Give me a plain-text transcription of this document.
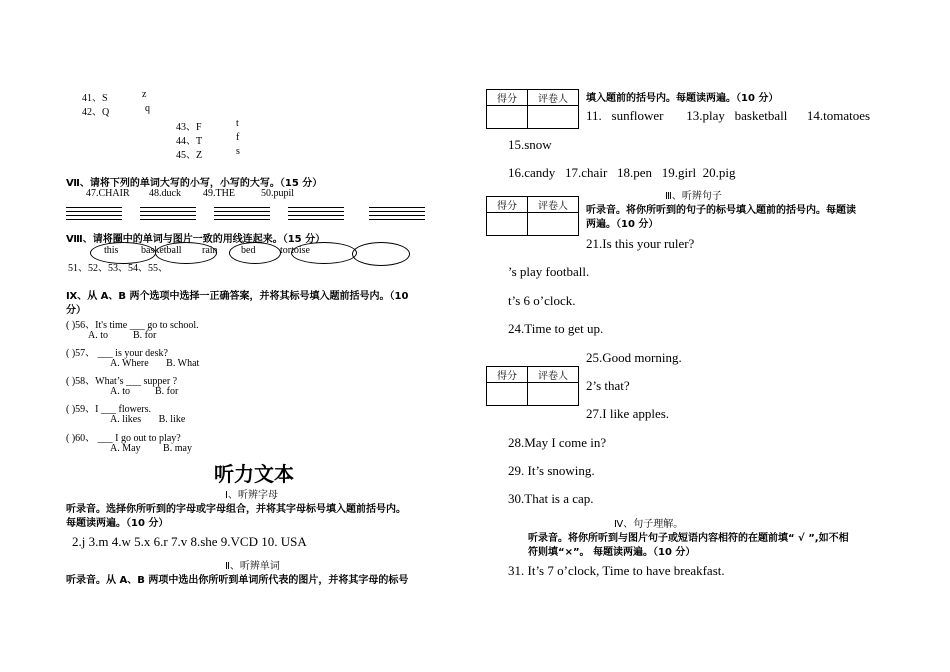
41、S	z
42、Q	q
43、F	t
44、T	f
45、Z	s
Ⅶ、请将下列的单词大写的小写，小写的大写。（15 分）
47.CHAIR 48.duck 49.THE	50.pupil
Ⅷ、请将圈中的单词与图片一致的用线连起来。（15 分）
this basketball rain bed tortoise
51、52、53、54、55、
Ⅸ、从 A、B 两个选项中选择一正确答案，并将其标号填入题前括号内。（10
分）
( )56、It's time ___ go to school.
A. to          B. for
( )57、 ___ is your desk?
A. Where       B. What
( )58、What’s ___ supper ?
A. to          B. for
( )59、I ___ flowers.
A. likes       B. like
( )60、 ___ I go out to play?
A. May         B. may
听力文本
Ⅰ、听辨字母
听录音。选择你所听到的字母或字母组合，并将其字母标号填入题前括号内。
每题读两遍。（10 分）
2.j 3.m 4.w 5.x 6.r 7.v 8.she 9.VCD 10. USA
Ⅱ、听辨单词
听录音。从 A、B 两项中选出你所听到单词所代表的图片，并将其字母的标号
得分	评卷人
	填入题前的括号内。每题读两遍。（10 分）
11.   sunflower       13.play   basketball      14.tomatoes
15.snow
16.candy   17.chair   18.pen   19.girl  20.pig
Ⅲ、听辨句子
得分	评卷人
	听录音。将你所听到的句子的标号填入题前的括号内。每题读
两遍。（10 分）
21.Is this your ruler?
’s play football.
t’s 6 o’clock.
24.Time to get up.
25.Good morning.
得分	评卷人

2’s that?
27.I like apples.
28.May I come in?
29. It’s snowing.
30.That is a cap.
Ⅳ、句子理解。
听录音。将你所听到与图片句子或短语内容相符的在题前填“ √ ”,如不相
符则填“×”。 每题读两遍。（10 分）
31. It’s 7 o’clock, Time to have breakfast.
